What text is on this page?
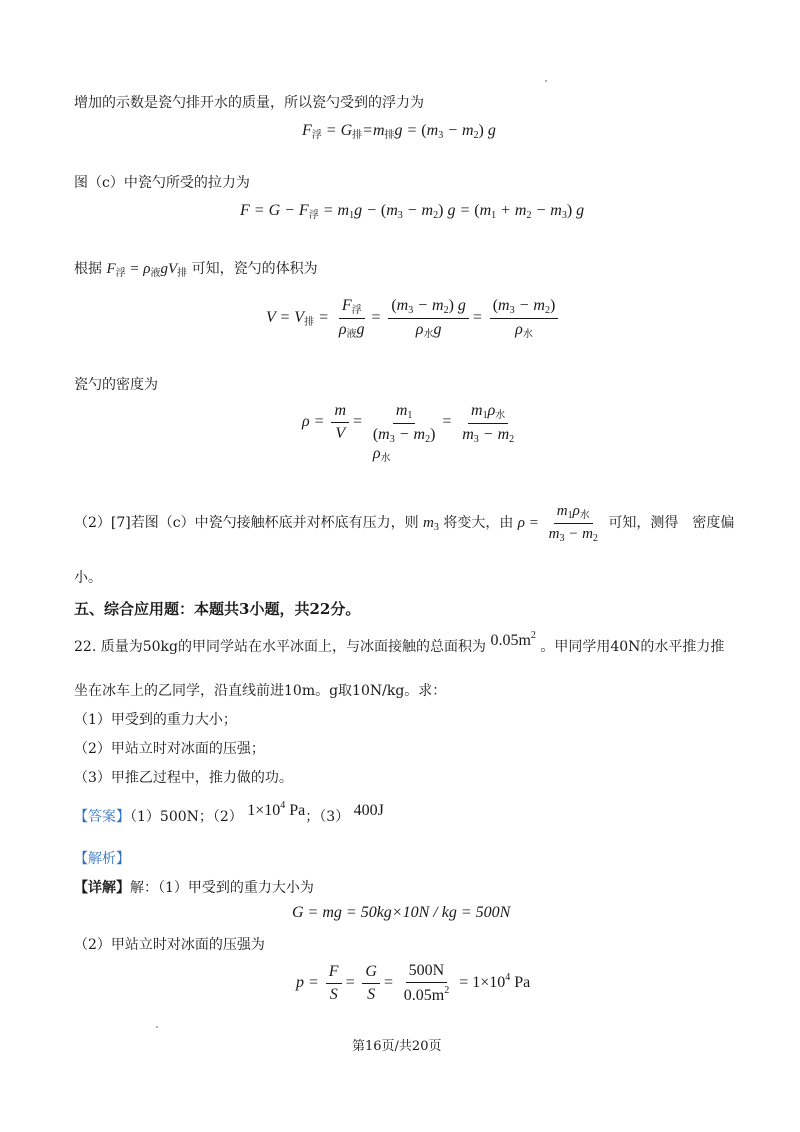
增加的示数是瓷勺排开水的质量，所以瓷勺受到的浮力为
$F_浮 = G_排=m_排g = (m_3 - m_2)$ g
图（c）中瓷勺所受的拉力为
$F = G - F_浮 = m_1g - (m_3 - m_2) g = (m_1 + m_2 - m_3)$ g
根据 $F_浮 = \rho_液gV_排$ 可知，瓷勺的体积为
$V = V_排 = \frac{F_浮}{\rho_液g} = \frac{(m_3 - m_2) g}{\rho_水g} = \frac{(m_3 - m_2)}{\rho_水}$
瓷勺的密度为
$\rho = \frac{m}{V}$ =
$m_1$
$(m_3 - m_2)$
$\rho_水$
= $\frac{m_1\rho_水}{m_3 - m_2}$
（2）[7]若图（c）中瓷勺接触杯底并对杯底有压力，则 $m_3$ 将变大，由 $\rho = \frac{m_1\rho_水}{m_3 - m_2}$ 可知，测得　密度偏
小。
五、综合应用题：本题共3小题，共22分。
22. 质量为50kg的甲同学站在水平冰面上，与冰面接触的总面积为 $0.05m^2$ 。甲同学用40N的水平推力推
坐在冰车上的乙同学，沿直线前进10m。g取10N/kg。求：
（1）甲受到的重力大小；
（2）甲站立时对冰面的压强；
（3）甲推乙过程中，推力做的功。
【答案】（1）500N；（2） $1\times 10^4$ Pa；（3） 400J
【解析】
【详解】解：（1）甲受到的重力大小为
G = mg = 50kg×10N / kg = 500N
（2）甲站立时对冰面的压强为
$p = \frac{F}{S} = \frac{G}{S} = \frac{500N}{0.05m^2} = 1\times 10^4$ Pa
第16页/共20页
